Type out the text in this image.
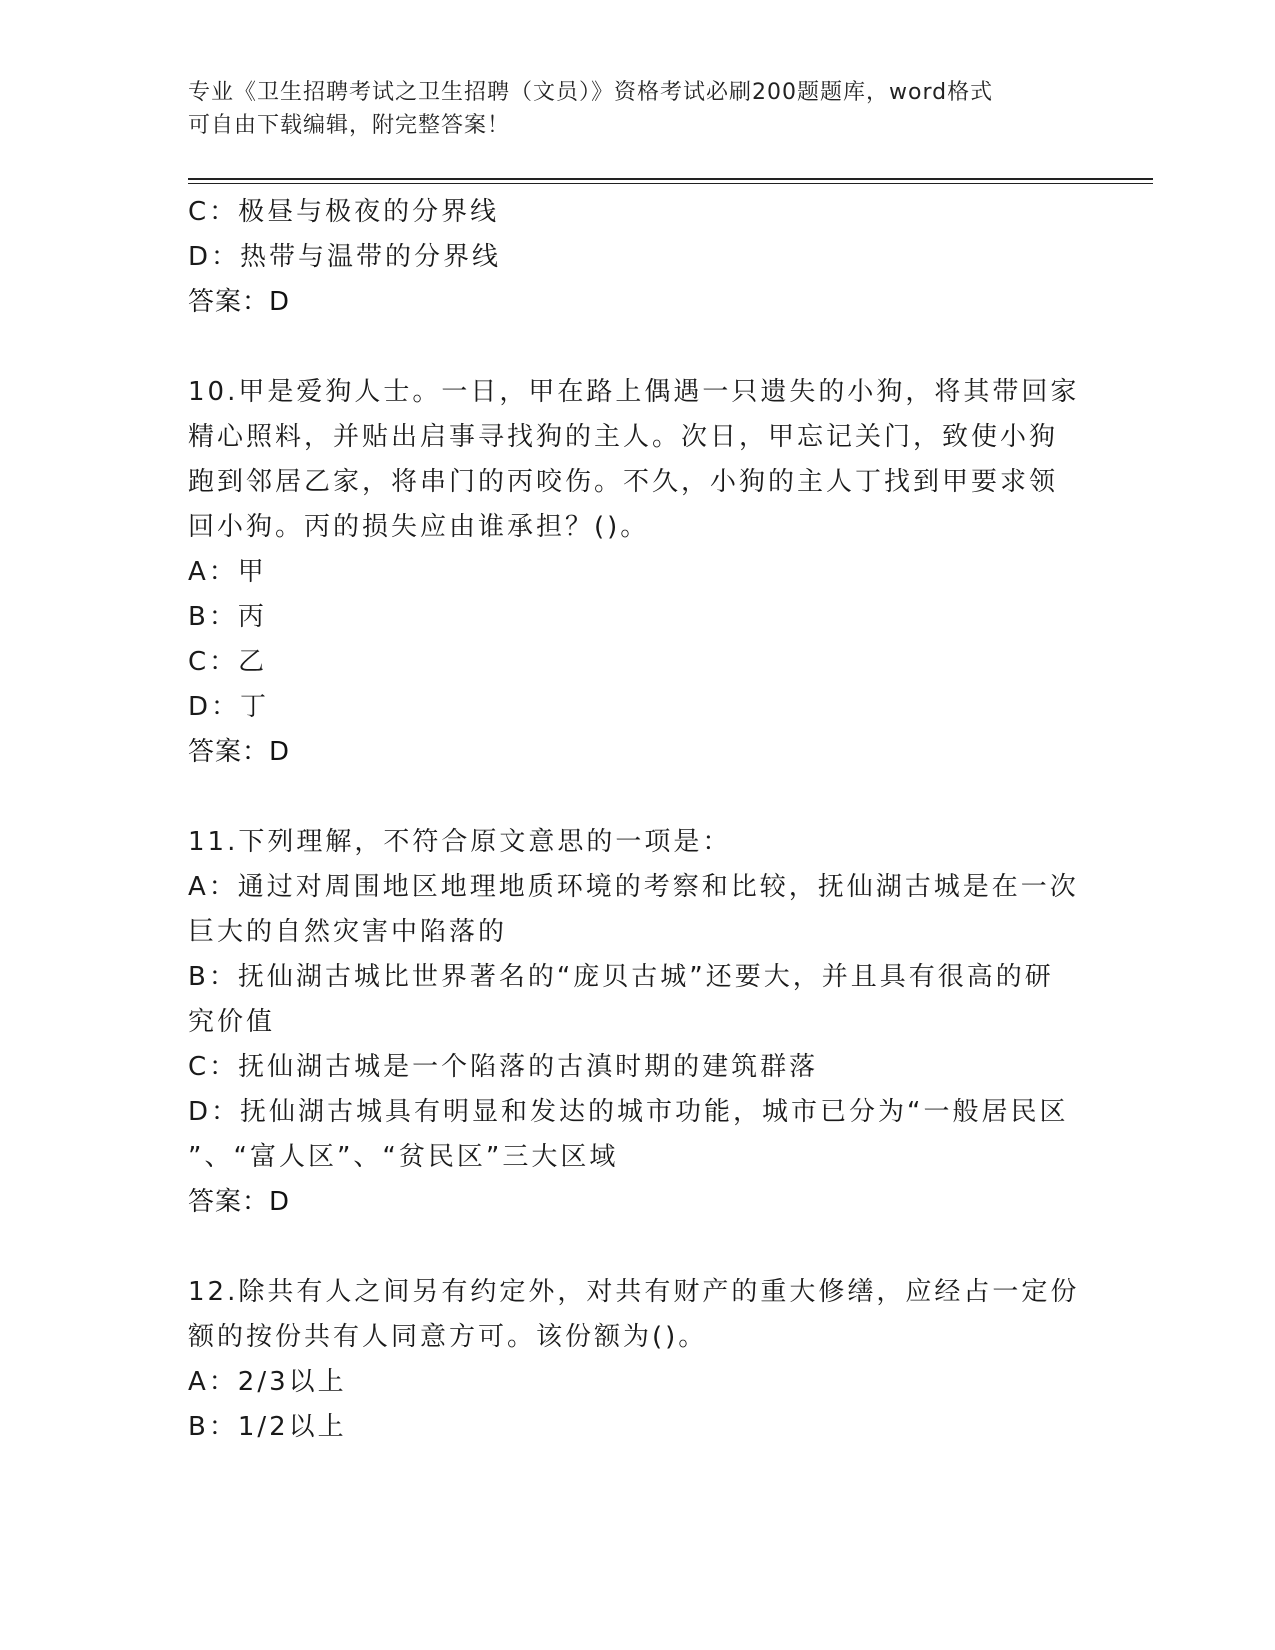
专业《卫生招聘考试之卫生招聘（文员）》资格考试必刷200题题库，word格式
可自由下载编辑，附完整答案！
C：极昼与极夜的分界线
D：热带与温带的分界线
答案：D
10.甲是爱狗人士。一日，甲在路上偶遇一只遗失的小狗，将其带回家
精心照料，并贴出启事寻找狗的主人。次日，甲忘记关门，致使小狗
跑到邻居乙家，将串门的丙咬伤。不久，小狗的主人丁找到甲要求领
回小狗。丙的损失应由谁承担？()。
A：甲
B：丙
C：乙
D：丁
答案：D
11.下列理解，不符合原文意思的一项是：
A：通过对周围地区地理地质环境的考察和比较，抚仙湖古城是在一次
巨大的自然灾害中陷落的
B：抚仙湖古城比世界著名的“庞贝古城”还要大，并且具有很高的研
究价值
C：抚仙湖古城是一个陷落的古滇时期的建筑群落
D：抚仙湖古城具有明显和发达的城市功能，城市已分为“一般居民区
”、“富人区”、“贫民区”三大区域
答案：D
12.除共有人之间另有约定外，对共有财产的重大修缮，应经占一定份
额的按份共有人同意方可。该份额为()。
A：2/3以上
B：1/2以上
